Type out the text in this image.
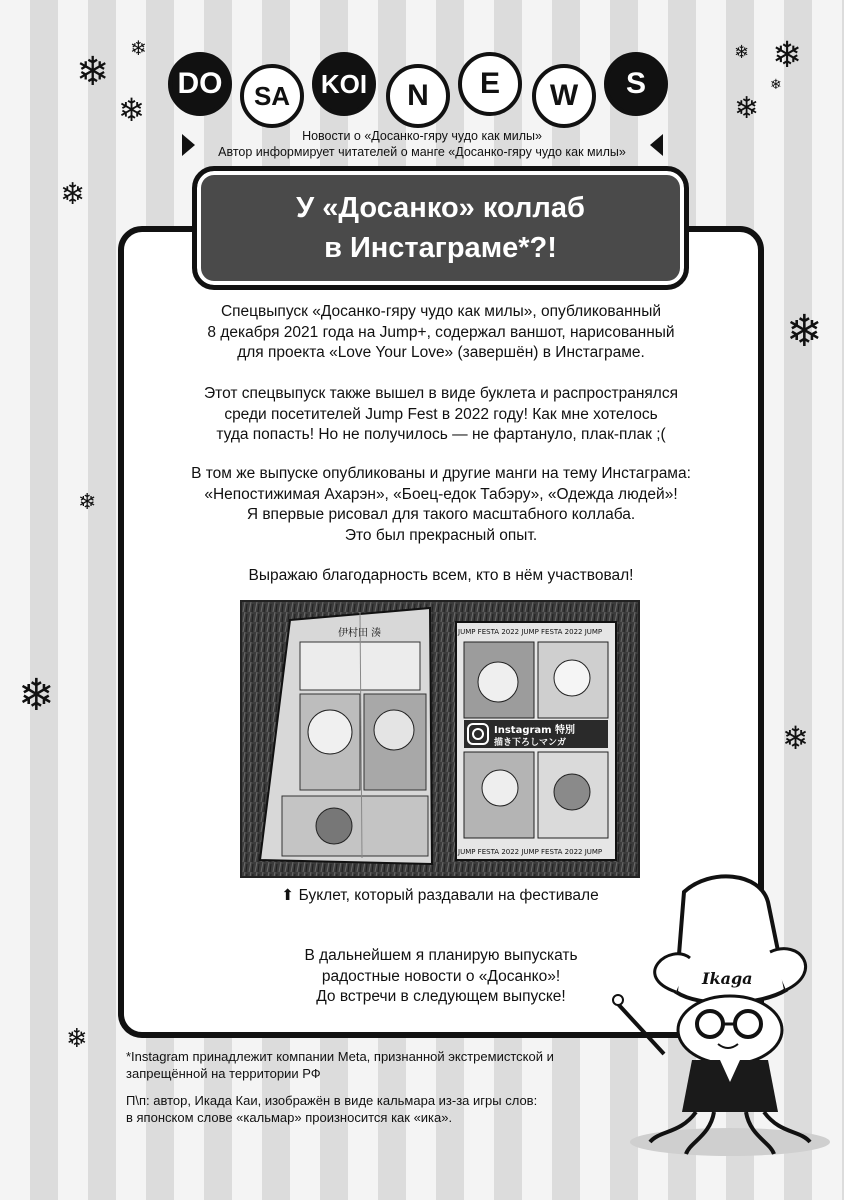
❄
❄
❄
❄
❄ ❄
❄
❄
❄
❄
❄
❄
❄
DO	SA	KOI	N	E	W	S
Новости о «Досанко-гяру чудо как милы»
Автор информирует читателей о манге «Досанко-гяру чудо как милы»
У «Досанко» коллаб
в Инстаграме*?!
Спецвыпуск «Досанко-гяру чудо как милы», опубликованный
8 декабря 2021 года на Jump+, содержал ваншот, нарисованный
для проекта «Love Your Love» (завершён) в Инстаграме.
Этот спецвыпуск также вышел в виде буклета и распространялся
среди посетителей Jump Fest в 2022 году! Как мне хотелось
туда попасть! Но не получилось — не фартануло, плак-плак ;(
В том же выпуске опубликованы и другие манги на тему Инстаграма:
«Непостижимая Ахарэн», «Боец-едок Табэру», «Одежда людей»!
Я впервые рисовал для такого масштабного коллаба.
Это был прекрасный опыт.
Выражаю благодарность всем, кто в нём участвовал!
伊村田 湊	JUMP FESTA 2022 JUMP FESTA 2022 JUMP
Instagram 特別
描き下ろしマンガ
JUMP FESTA 2022 JUMP FESTA 2022 JUMP
⬆ Буклет, который раздавали на фестивале
В дальнейшем я планирую выпускать
радостные новости о «Досанко»!
До встречи в следующем выпуске!
*Instagram принадлежит компании Meta, признанной экстремистской и
запрещённой на территории РФ
П\п: автор, Икада Каи, изображён в виде кальмара из-за игры слов:
в японском слове «кальмар» произносится как «ика».
Ikaga
